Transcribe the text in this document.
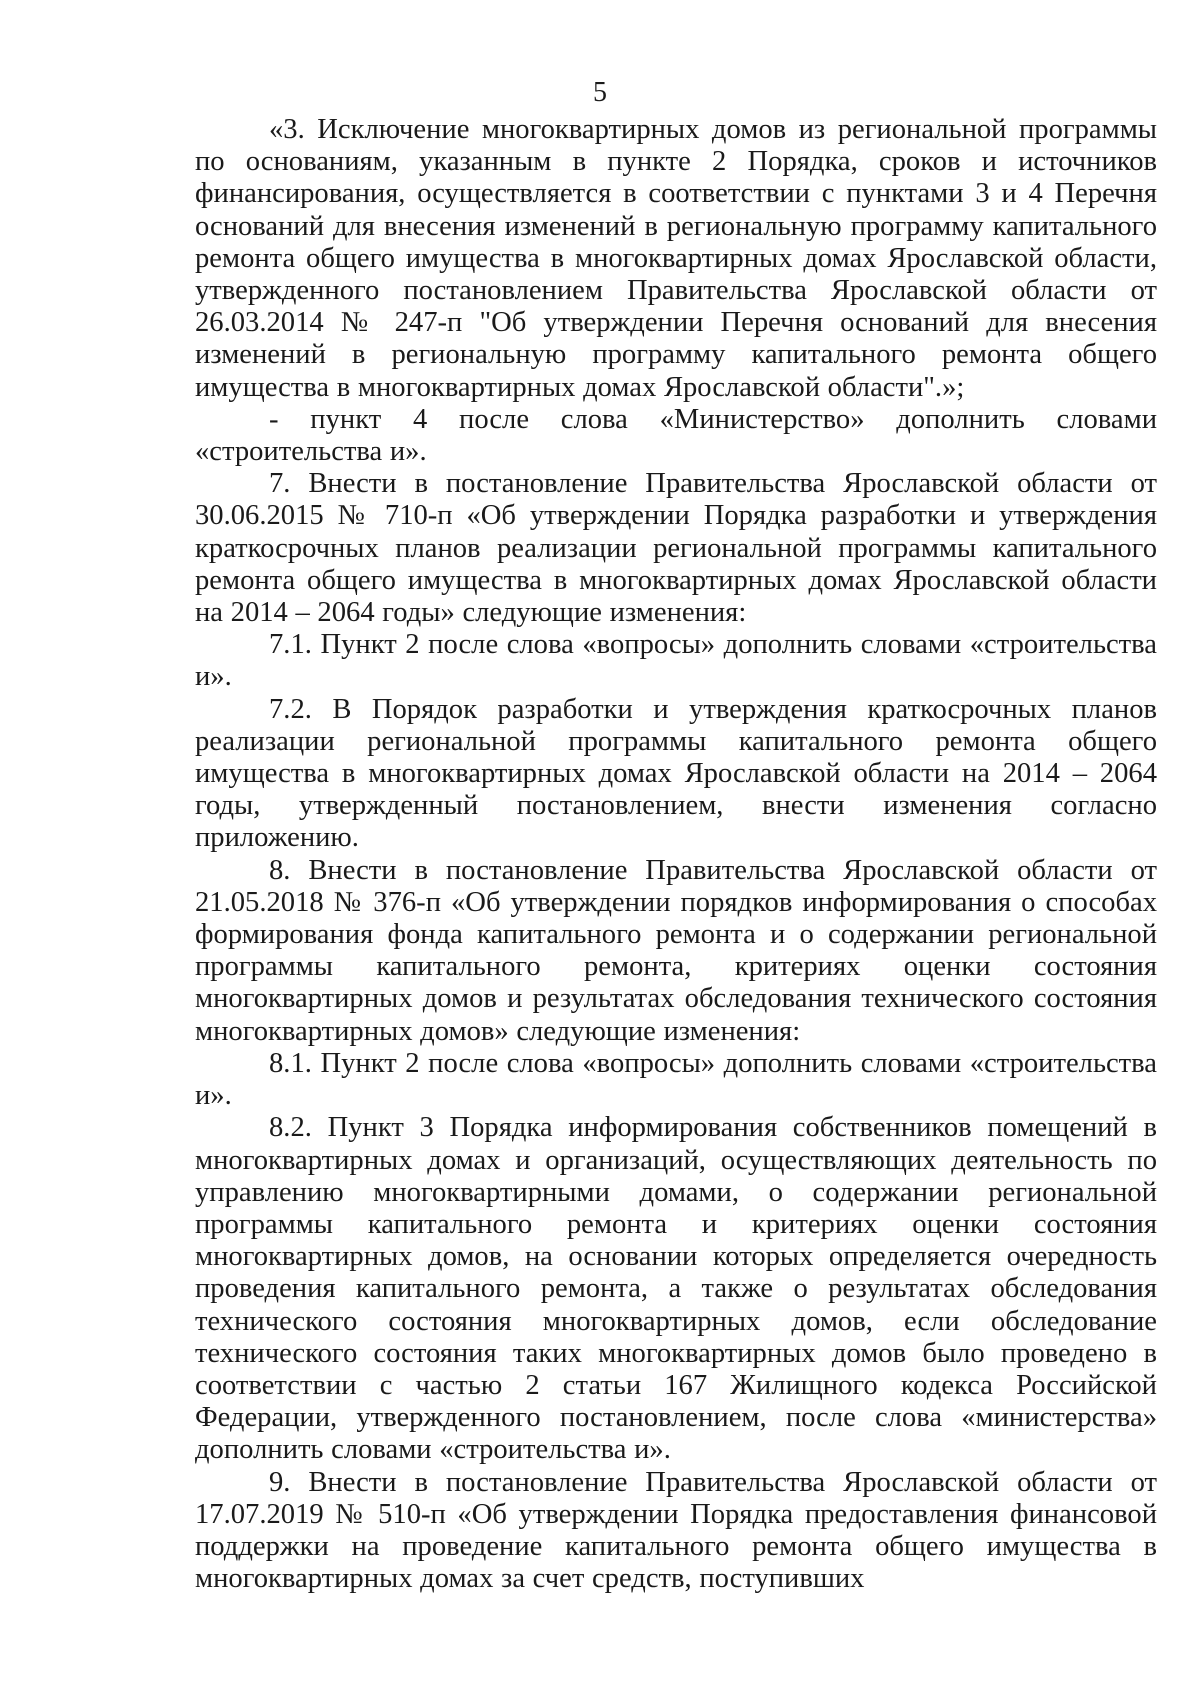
5

«3. Исключение многоквартирных домов из региональной программы по основаниям, указанным в пункте 2 Порядка, сроков и источников финансирования, осуществляется в соответствии с пунктами 3 и 4 Перечня оснований для внесения изменений в региональную программу капитального ремонта общего имущества в многоквартирных домах Ярославской области, утвержденного постановлением Правительства Ярославской области от 26.03.2014 № 247-п "Об утверждении Перечня оснований для внесения изменений в региональную программу капитального ремонта общего имущества в многоквартирных домах Ярославской области".»;

- пункт 4 после слова «Министерство» дополнить словами «строительства и».

7. Внести в постановление Правительства Ярославской области от 30.06.2015 № 710-п «Об утверждении Порядка разработки и утверждения краткосрочных планов реализации региональной программы капитального ремонта общего имущества в многоквартирных домах Ярославской области на 2014 – 2064 годы» следующие изменения:

7.1. Пункт 2 после слова «вопросы» дополнить словами «строительства и».

7.2. В Порядок разработки и утверждения краткосрочных планов реализации региональной программы капитального ремонта общего имущества в многоквартирных домах Ярославской области на 2014 – 2064 годы, утвержденный постановлением, внести изменения согласно приложению.

8. Внести в постановление Правительства Ярославской области от 21.05.2018 № 376-п «Об утверждении порядков информирования о способах формирования фонда капитального ремонта и о содержании региональной программы капитального ремонта, критериях оценки состояния многоквартирных домов и результатах обследования технического состояния многоквартирных домов» следующие изменения:

8.1. Пункт 2 после слова «вопросы» дополнить словами «строительства и».

8.2. Пункт 3 Порядка информирования собственников помещений в многоквартирных домах и организаций, осуществляющих деятельность по управлению многоквартирными домами, о содержании региональной программы капитального ремонта и критериях оценки состояния многоквартирных домов, на основании которых определяется очередность проведения капитального ремонта, а также о результатах обследования технического состояния многоквартирных домов, если обследование технического состояния таких многоквартирных домов было проведено в соответствии с частью 2 статьи 167 Жилищного кодекса Российской Федерации, утвержденного постановлением, после слова «министерства» дополнить словами «строительства и».

9. Внести в постановление Правительства Ярославской области от 17.07.2019 № 510-п «Об утверждении Порядка предоставления финансовой поддержки на проведение капитального ремонта общего имущества в многоквартирных домах за счет средств, поступивших
